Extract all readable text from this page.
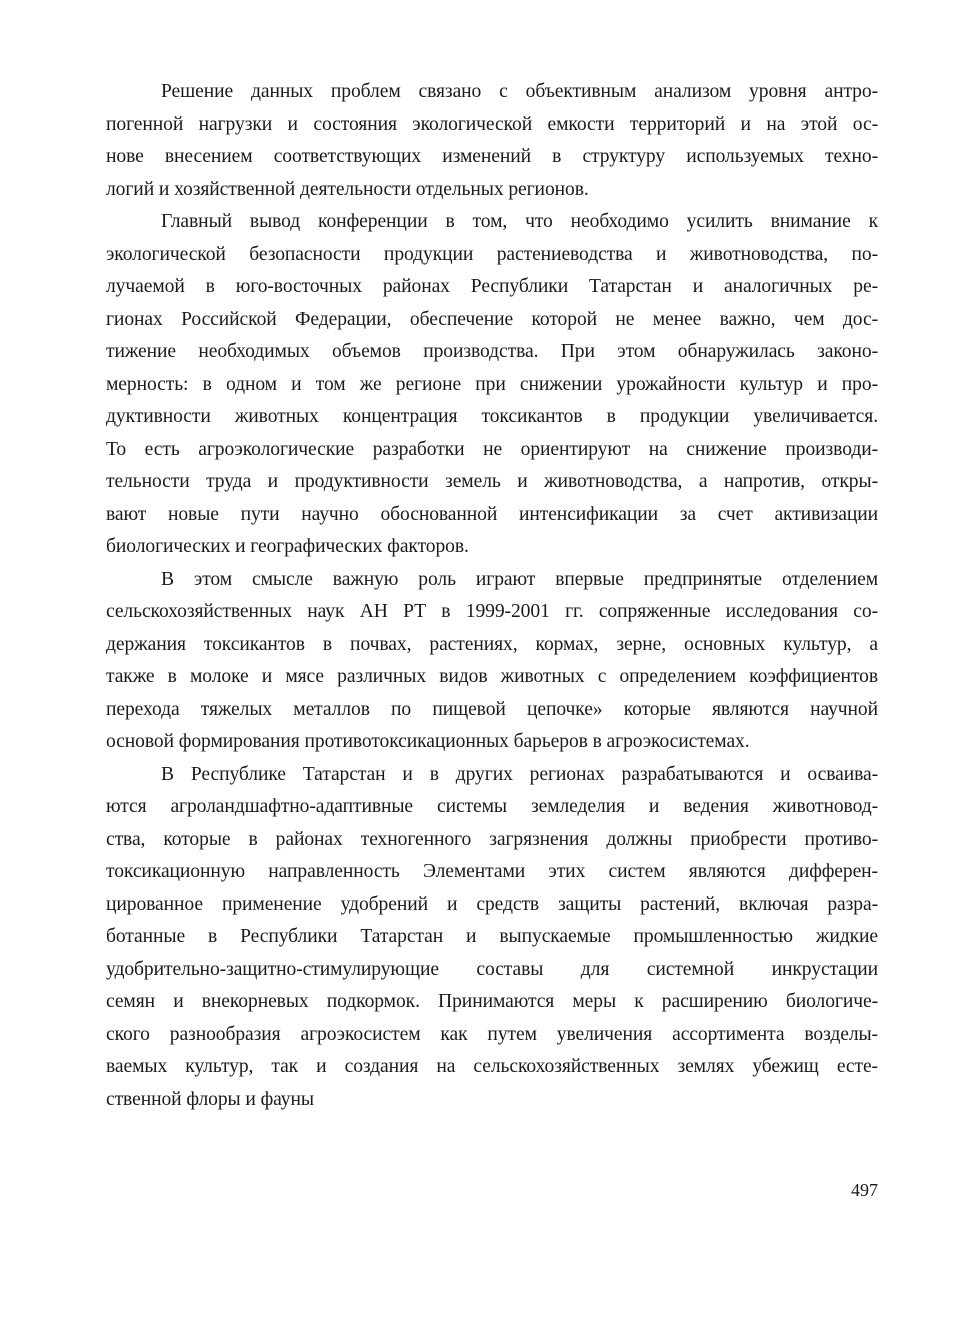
Решение данных проблем связано с объективным анализом уровня антро-
погенной нагрузки и состояния экологической емкости территорий и на этой ос-
нове внесением соответствующих изменений в структуру используемых техно-
логий и хозяйственной деятельности отдельных регионов.
Главный вывод конференции в том, что необходимо усилить внимание к
экологической безопасности продукции растениеводства и животноводства, по-
лучаемой в юго-восточных районах Республики Татарстан и аналогичных ре-
гионах Российской Федерации, обеспечение которой не менее важно, чем дос-
тижение необходимых объемов производства. При этом обнаружилась законо-
мерность: в одном и том же регионе при снижении урожайности культур и про-
дуктивности животных концентрация токсикантов в продукции увеличивается.
То есть агроэкологические разработки не ориентируют на снижение производи-
тельности труда и продуктивности земель и животноводства, а напротив, откры-
вают новые пути научно обоснованной интенсификации за счет активизации
биологических и географических факторов.
В этом смысле важную роль играют впервые предпринятые отделением
сельскохозяйственных наук АН РТ в 1999-2001 гг. сопряженные исследования со-
держания токсикантов в почвах, растениях, кормах, зерне, основных культур, а
также в молоке и мясе различных видов животных с определением коэффициентов
перехода тяжелых металлов по пищевой цепочке» которые являются научной
основой формирования противотоксикационных барьеров в агроэкосистемах.
В Республике Татарстан и в других регионах разрабатываются и осваива-
ются агроландшафтно-адаптивные системы земледелия и ведения животновод-
ства, которые в районах техногенного загрязнения должны приобрести противо-
токсикационную направленность Элементами этих систем являются дифферен-
цированное применение удобрений и средств защиты растений, включая разра-
ботанные в Республики Татарстан и выпускаемые промышленностью жидкие
удобрительно-защитно-стимулирующие составы для системной инкрустации
семян и внекорневых подкормок. Принимаются меры к расширению биологиче-
ского разнообразия агроэкосистем как путем увеличения ассортимента возделы-
ваемых культур, так и создания на сельскохозяйственных землях убежищ есте-
ственной флоры и фауны
497
